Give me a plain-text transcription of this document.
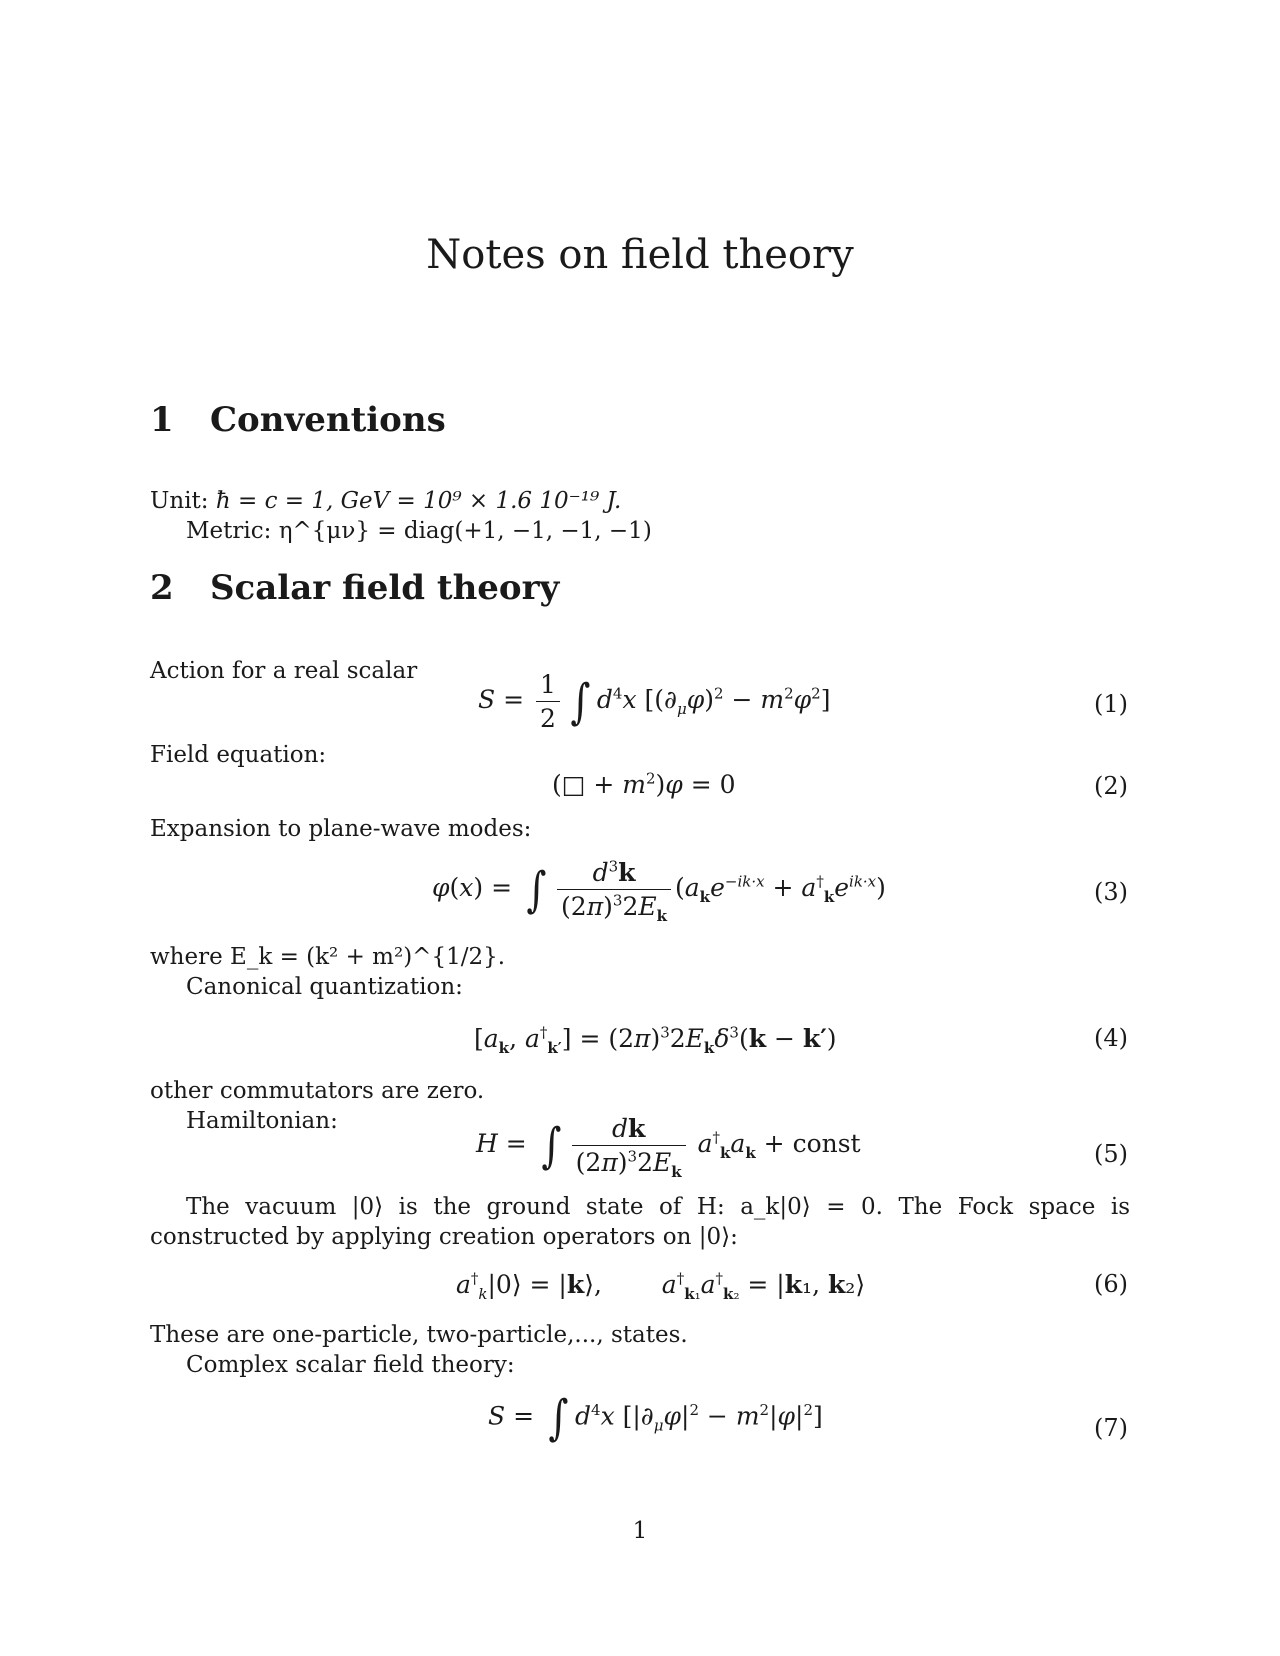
Notes on field theory
1 Conventions
Unit: ħ = c = 1, GeV = 10⁹ × 1.6 10⁻¹⁹ J.
Metric: η^{μν} = diag(+1, −1, −1, −1)
2 Scalar field theory
Action for a real scalar
$S = \frac{1}{2}$ ∫ $d^4x$ $[(\partial_\mu\varphi)^2 - m^2\varphi^2]$	(1)
Field equation:
(□ + $m^2)\varphi = 0$	(2)
Expansion to plane-wave modes:
φ(x) = ∫ $\frac{d^3k}{(2\pi)^32E_k} (a_ke^{-ik\cdot x} + a^\dagger_ke^{ik\cdot x})$	(3)
where E_k = (k² + m²)^{1/2}.
Canonical quantization:
[$a_k$, $a^\dagger_{k'}] = (2\pi)^32E_k\delta^3(k - k')$	(4)
other commutators are zero.
Hamiltonian:
H = ∫ $\frac{dk}{(2\pi)^32E_k} a^\dagger_ka_k$ + const	(5)
The vacuum |0⟩ is the ground state of H: a_k|0⟩ = 0. The Fock space is constructed by applying creation operators on |0⟩:
$a^\dagger_k|0⟩$ = |k⟩,  $a^\dagger_{k_1}a^\dagger_{k_2} = |k_1$, k₂⟩	(6)
These are one-particle, two-particle,..., states.
Complex scalar field theory:
S = ∫ $d^4x$ $[|\partial_\mu\varphi|^2 - m^2|\varphi|^2]$	(7)
1
